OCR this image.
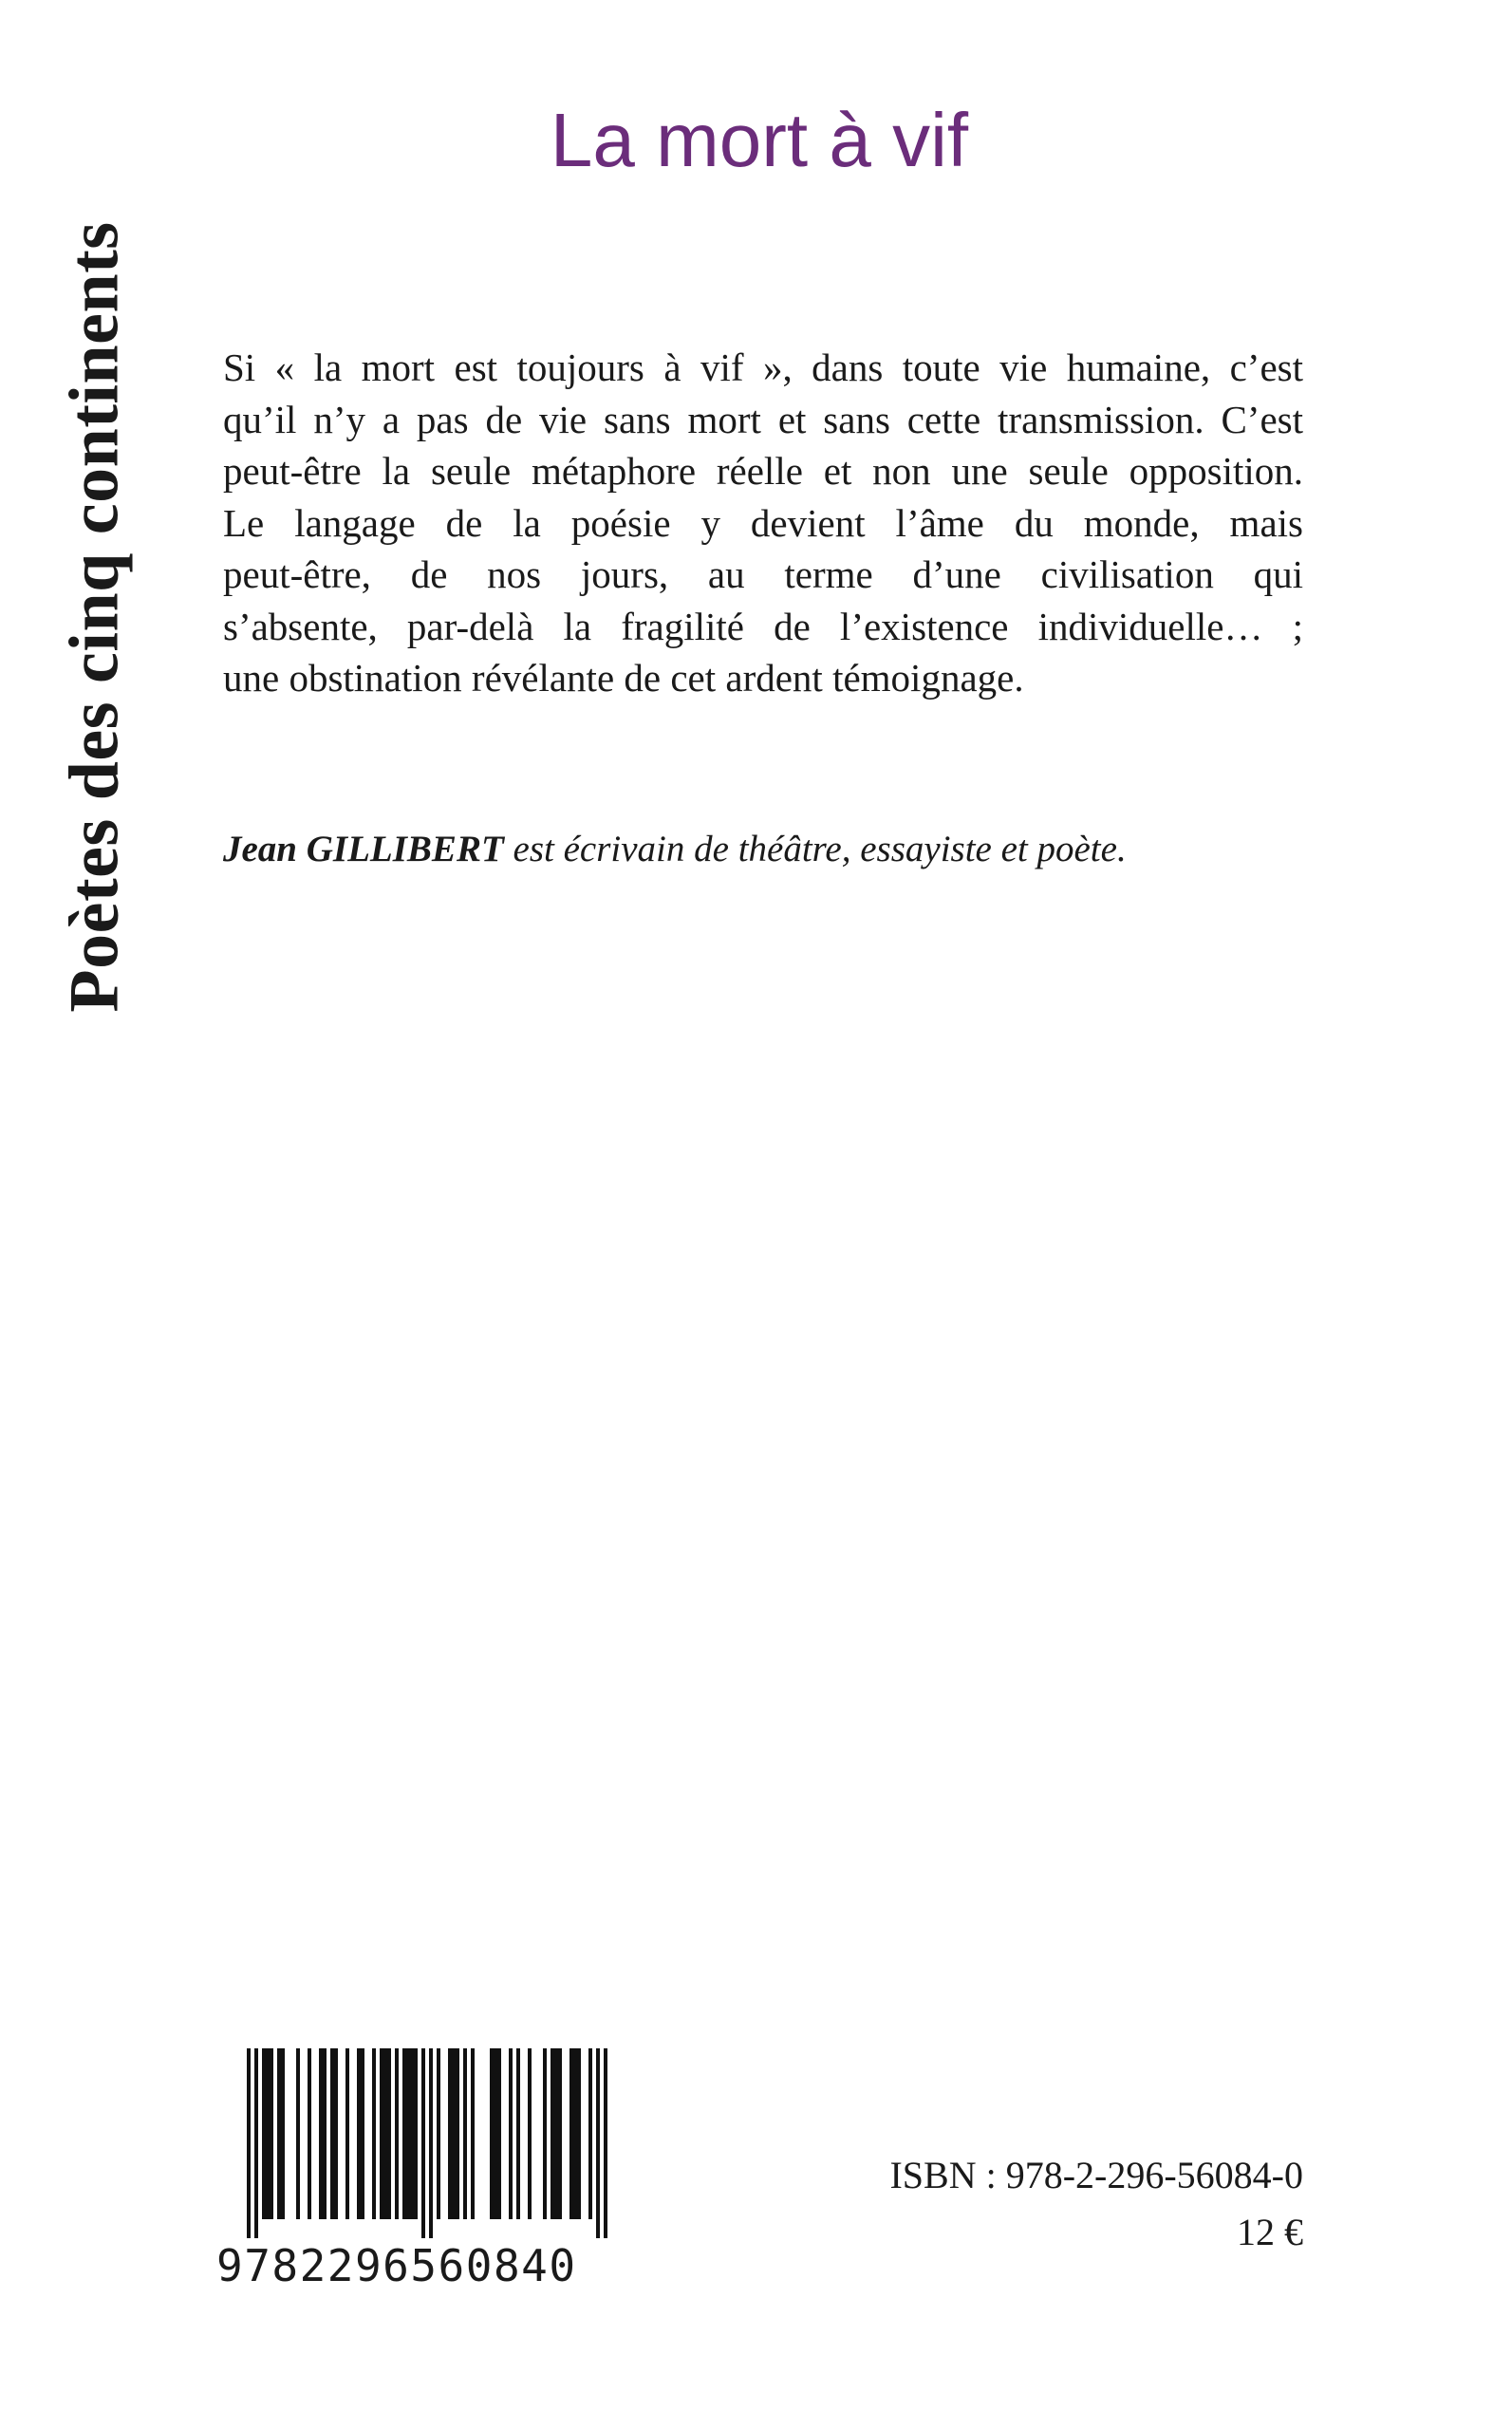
Poètes des cinq continents
La mort à vif
Si « la mort est toujours à vif », dans toute vie humaine, c’est
qu’il n’y a pas de vie sans mort et sans cette transmission. C’est
peut-être la seule métaphore réelle et non une seule opposition.
Le langage de la poésie y devient l’âme du monde, mais
peut-être, de nos jours, au terme d’une civilisation qui
s’absente, par-delà la fragilité de l’existence individuelle… ;
une obstination révélante de cet ardent témoignage.
Jean GILLIBERT est écrivain de théâtre, essayiste et poète.
9782296560840
ISBN : 978-2-296-56084-0
12 €
